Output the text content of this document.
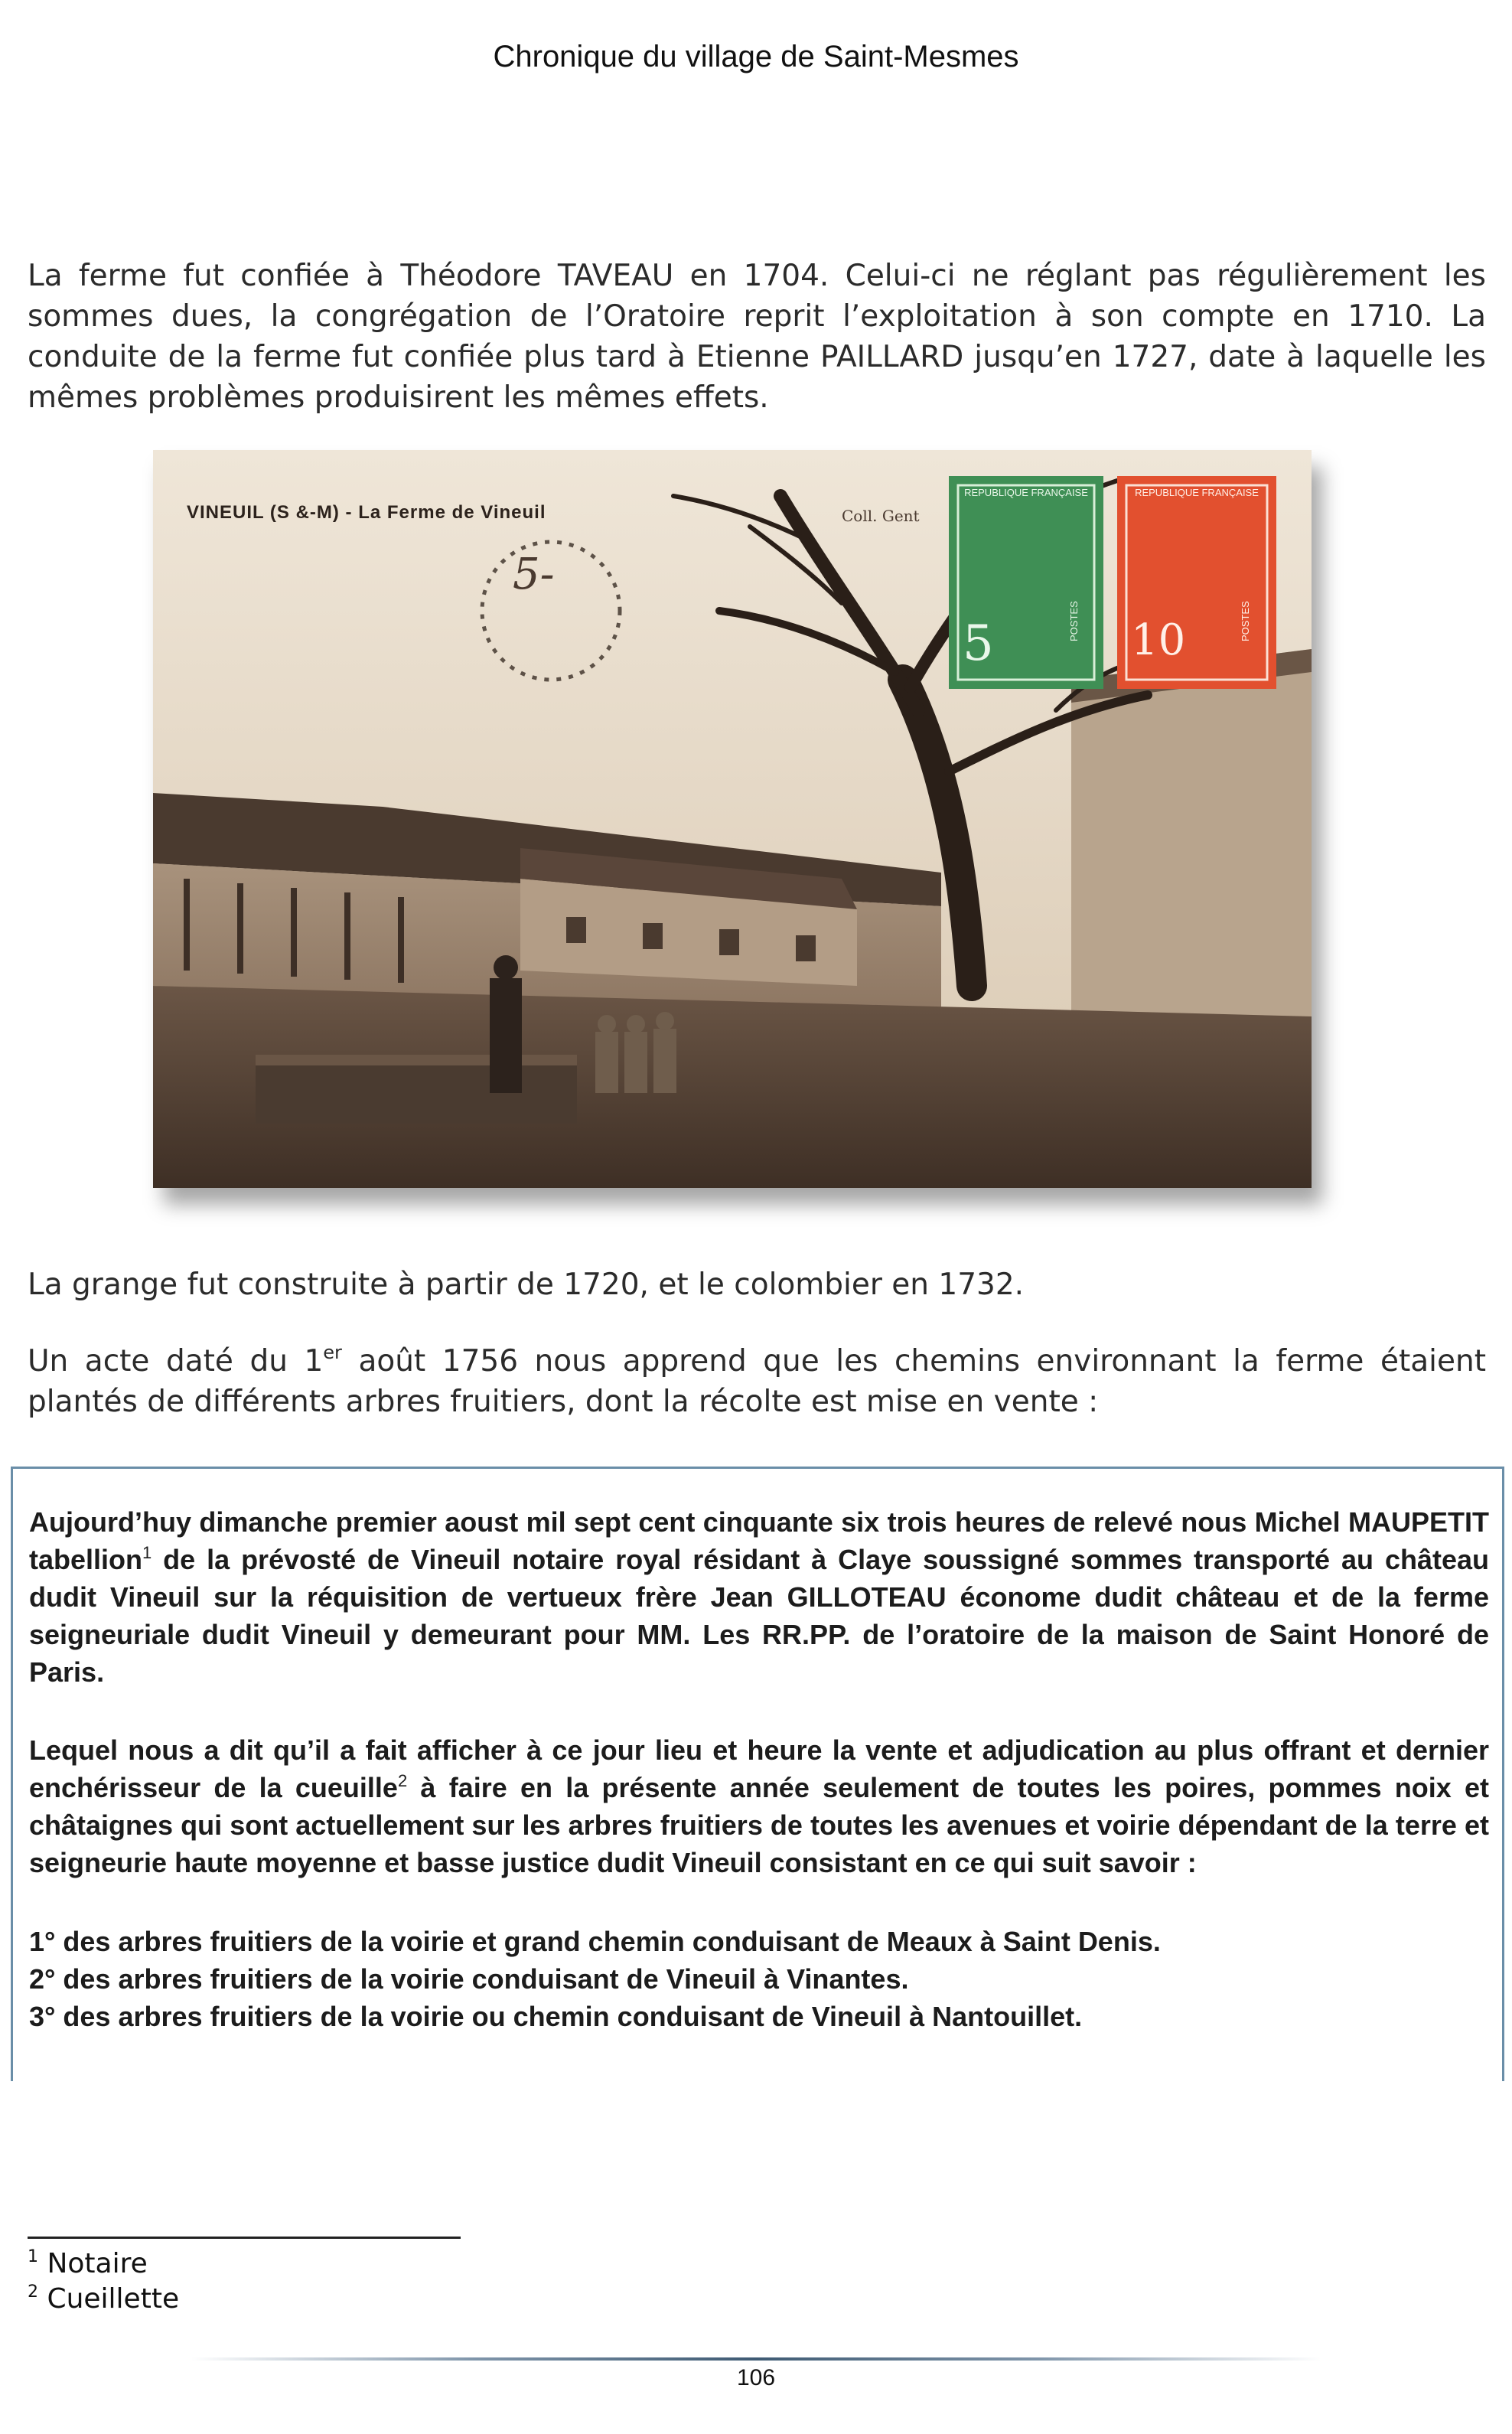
Chronique du village de Saint-Mesmes

La ferme fut confiée à Théodore TAVEAU en 1704. Celui-ci ne réglant pas régulièrement les sommes dues, la congrégation de l’Oratoire reprit l’exploitation à son compte en 1710. La conduite de la ferme fut confiée plus tard à Etienne PAILLARD jusqu’en 1727, date à laquelle les mêmes problèmes produisirent les mêmes effets.

VINEUIL (S &-M) - La Ferme de Vineuil
5-
Coll. Gent
REPUBLIQUE FRANÇAISE
5	POSTES
REPUBLIQUE FRANÇAISE
10	POSTES

La grange fut construite à partir de 1720, et le colombier en 1732.

Un acte daté du 1er août 1756 nous apprend que les chemins environnant la ferme étaient plantés de différents arbres fruitiers, dont la récolte est mise en vente :

Aujourd’huy dimanche premier aoust mil sept cent cinquante six trois heures de relevé nous Michel MAUPETIT tabellion$^1$ de la prévosté de Vineuil notaire royal résidant à Claye soussigné sommes transporté au château dudit Vineuil sur la réquisition de vertueux frère Jean GILLOTEAU économe dudit château et de la ferme seigneuriale dudit Vineuil y demeurant pour MM. Les RR.PP. de l’oratoire de la maison de Saint Honoré de Paris.

Lequel nous a dit qu’il a fait afficher à ce jour lieu et heure la vente et adjudication au plus offrant et dernier enchérisseur de la cueuille$^2$ à faire en la présente année seulement de toutes les poires, pommes noix et châtaignes qui sont actuellement sur les arbres fruitiers de toutes les avenues et voirie dépendant de la terre et seigneurie haute moyenne et basse justice dudit Vineuil consistant en ce qui suit savoir :

1° des arbres fruitiers de la voirie et grand chemin conduisant de Meaux à Saint Denis.
2° des arbres fruitiers de la voirie conduisant de Vineuil à Vinantes.
3° des arbres fruitiers de la voirie ou chemin conduisant de Vineuil à Nantouillet.
$^1$ Notaire
$^2$ Cueillette
106
